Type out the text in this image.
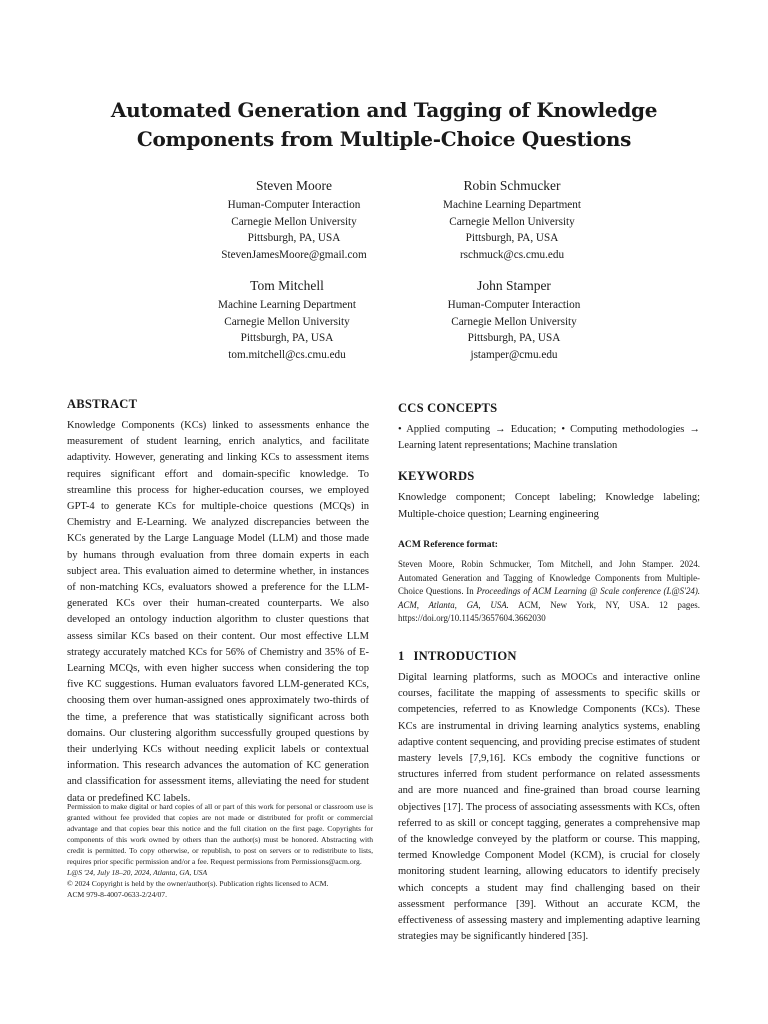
Automated Generation and Tagging of Knowledge Components from Multiple-Choice Questions
Steven Moore
Human-Computer Interaction
Carnegie Mellon University
Pittsburgh, PA, USA
StevenJamesMoore@gmail.com
Robin Schmucker
Machine Learning Department
Carnegie Mellon University
Pittsburgh, PA, USA
rschmuck@cs.cmu.edu
Tom Mitchell
Machine Learning Department
Carnegie Mellon University
Pittsburgh, PA, USA
tom.mitchell@cs.cmu.edu
John Stamper
Human-Computer Interaction
Carnegie Mellon University
Pittsburgh, PA, USA
jstamper@cmu.edu
ABSTRACT

Knowledge Components (KCs) linked to assessments enhance the measurement of student learning, enrich analytics, and facilitate adaptivity. However, generating and linking KCs to assessment items requires significant effort and domain-specific knowledge. To streamline this process for higher-education courses, we employed GPT-4 to generate KCs for multiple-choice questions (MCQs) in Chemistry and E-Learning. We analyzed discrepancies between the KCs generated by the Large Language Model (LLM) and those made by humans through evaluation from three domain experts in each subject area. This evaluation aimed to determine whether, in instances of non-matching KCs, evaluators showed a preference for the LLM-generated KCs over their human-created counterparts. We also developed an ontology induction algorithm to cluster questions that assess similar KCs based on their content. Our most effective LLM strategy accurately matched KCs for 56% of Chemistry and 35% of E-Learning MCQs, with even higher success when considering the top five KC suggestions. Human evaluators favored LLM-generated KCs, choosing them over human-assigned ones approximately two-thirds of the time, a preference that was statistically significant across both domains. Our clustering algorithm successfully grouped questions by their underlying KCs without needing explicit labels or contextual information. This research advances the automation of KC generation and classification for assessment items, alleviating the need for student data or predefined KC labels.

Permission to make digital or hard copies of all or part of this work for personal or classroom use is granted without fee provided that copies are not made or distributed for profit or commercial advantage and that copies bear this notice and the full citation on the first page. Copyrights for components of this work owned by others than the author(s) must be honored. Abstracting with credit is permitted. To copy otherwise, or republish, to post on servers or to redistribute to lists, requires prior specific permission and/or a fee. Request permissions from Permissions@acm.org.

L@S '24, July 18–20, 2024, Atlanta, GA, USA

© 2024 Copyright is held by the owner/author(s). Publication rights licensed to ACM.

ACM 979-8-4007-0633-2/24/07.

CCS CONCEPTS

• Applied computing → Education; • Computing methodologies → Learning latent representations; Machine translation

KEYWORDS

Knowledge component; Concept labeling; Knowledge labeling; Multiple-choice question; Learning engineering

ACM Reference format:

Steven Moore, Robin Schmucker, Tom Mitchell, and John Stamper. 2024. Automated Generation and Tagging of Knowledge Components from Multiple-Choice Questions. In Proceedings of ACM Learning @ Scale conference (L@S'24). ACM, Atlanta, GA, USA. ACM, New York, NY, USA. 12 pages. https://doi.org/10.1145/3657604.3662030

1 INTRODUCTION

Digital learning platforms, such as MOOCs and interactive online courses, facilitate the mapping of assessments to specific skills or competencies, referred to as Knowledge Components (KCs). These KCs are instrumental in driving learning analytics systems, enabling adaptive content sequencing, and providing precise estimates of student mastery levels [7,9,16]. KCs embody the cognitive functions or structures inferred from student performance on related assessments and are more nuanced and fine-grained than broad course learning objectives [17]. The process of associating assessments with KCs, often referred to as skill or concept tagging, generates a comprehensive map of the knowledge conveyed by the platform or course. This mapping, termed Knowledge Component Model (KCM), is crucial for closely monitoring student learning, allowing educators to identify precisely which concepts a student may find challenging based on their assessment performance [39]. Without an accurate KCM, the effectiveness of assessing mastery and implementing adaptive learning strategies may be significantly hindered [35].
